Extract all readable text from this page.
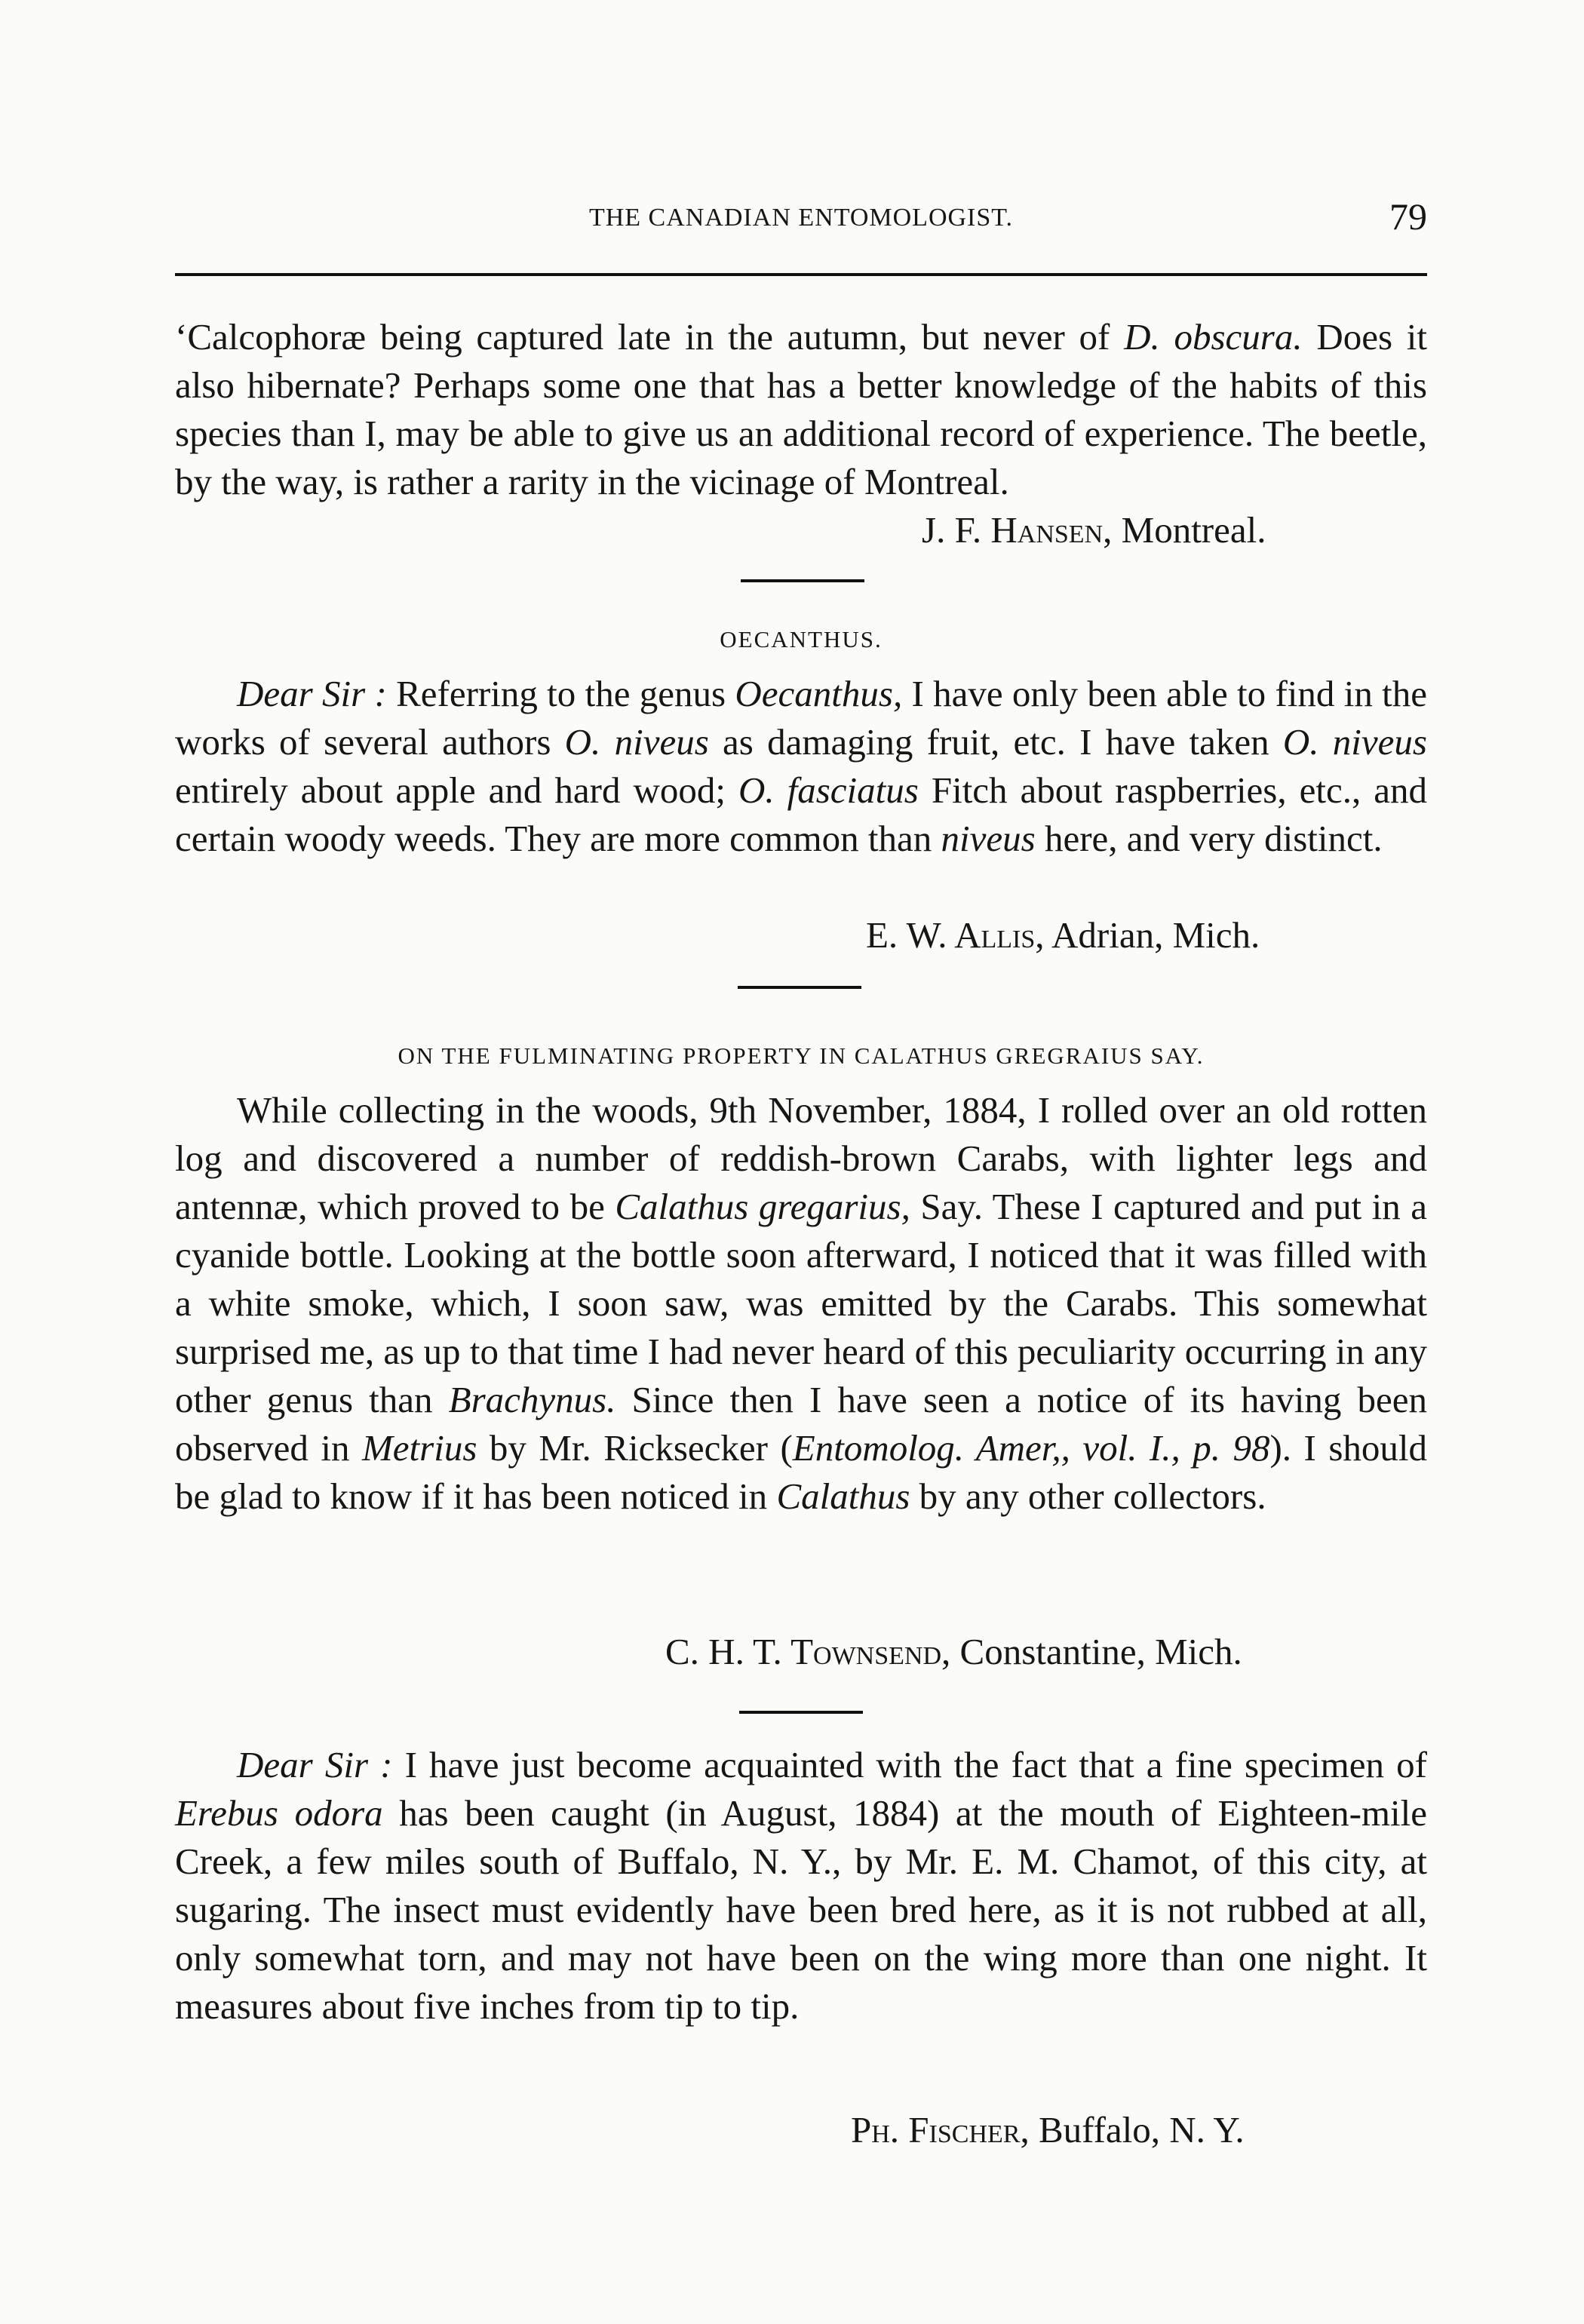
THE CANADIAN ENTOMOLOGIST.	79

‘Calcophoræ being captured late in the autumn, but never of D. obscura. Does it also hibernate? Perhaps some one that has a better knowledge of the habits of this species than I, may be able to give us an additional record of experience. The beetle, by the way, is rather a rarity in the vicinage of Montreal.

J. F. Hansen, Montreal.
OECANTHUS.

Dear Sir : Referring to the genus Oecanthus, I have only been able to find in the works of several authors O. niveus as damaging fruit, etc. I have taken O. niveus entirely about apple and hard wood; O. fasciatus Fitch about raspberries, etc., and certain woody weeds. They are more common than niveus here, and very distinct.

E. W. Allis, Adrian, Mich.
ON THE FULMINATING PROPERTY IN CALATHUS GREGRAIUS SAY.

While collecting in the woods, 9th November, 1884, I rolled over an old rotten log and discovered a number of reddish-brown Carabs, with lighter legs and antennæ, which proved to be Calathus gregarius, Say. These I captured and put in a cyanide bottle. Looking at the bottle soon afterward, I noticed that it was filled with a white smoke, which, I soon saw, was emitted by the Carabs. This somewhat surprised me, as up to that time I had never heard of this peculiarity occurring in any other genus than Brachynus. Since then I have seen a notice of its having been observed in Metrius by Mr. Ricksecker (Entomolog. Amer,, vol. I., p. 98). I should be glad to know if it has been noticed in Calathus by any other collectors.

C. H. T. Townsend, Constantine, Mich.

Dear Sir : I have just become acquainted with the fact that a fine specimen of Erebus odora has been caught (in August, 1884) at the mouth of Eighteen-mile Creek, a few miles south of Buffalo, N. Y., by Mr. E. M. Chamot, of this city, at sugaring. The insect must evidently have been bred here, as it is not rubbed at all, only somewhat torn, and may not have been on the wing more than one night. It measures about five inches from tip to tip.

Ph. Fischer, Buffalo, N. Y.
